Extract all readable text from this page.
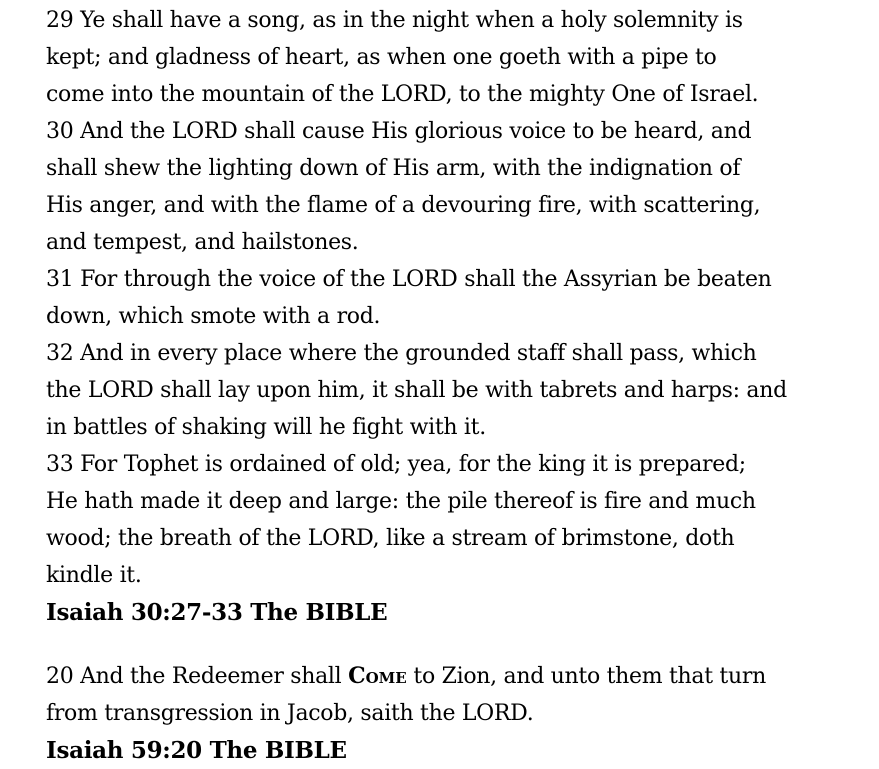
29 Ye shall have a song, as in the night when a holy solemnity is
kept; and gladness of heart, as when one goeth with a pipe to
come into the mountain of the LORD, to the mighty One of Israel.
30 And the LORD shall cause His glorious voice to be heard, and
shall shew the lighting down of His arm, with the indignation of
His anger, and with the flame of a devouring fire, with scattering,
and tempest, and hailstones.
31 For through the voice of the LORD shall the Assyrian be beaten
down, which smote with a rod.
32 And in every place where the grounded staff shall pass, which
the LORD shall lay upon him, it shall be with tabrets and harps: and
in battles of shaking will he fight with it.
33 For Tophet is ordained of old; yea, for the king it is prepared;
He hath made it deep and large: the pile thereof is fire and much
wood; the breath of the LORD, like a stream of brimstone, doth
kindle it.
Isaiah 30:27-33 The BIBLE
20 And the Redeemer shall Come to Zion, and unto them that turn
from transgression in Jacob, saith the LORD.
Isaiah 59:20 The BIBLE
